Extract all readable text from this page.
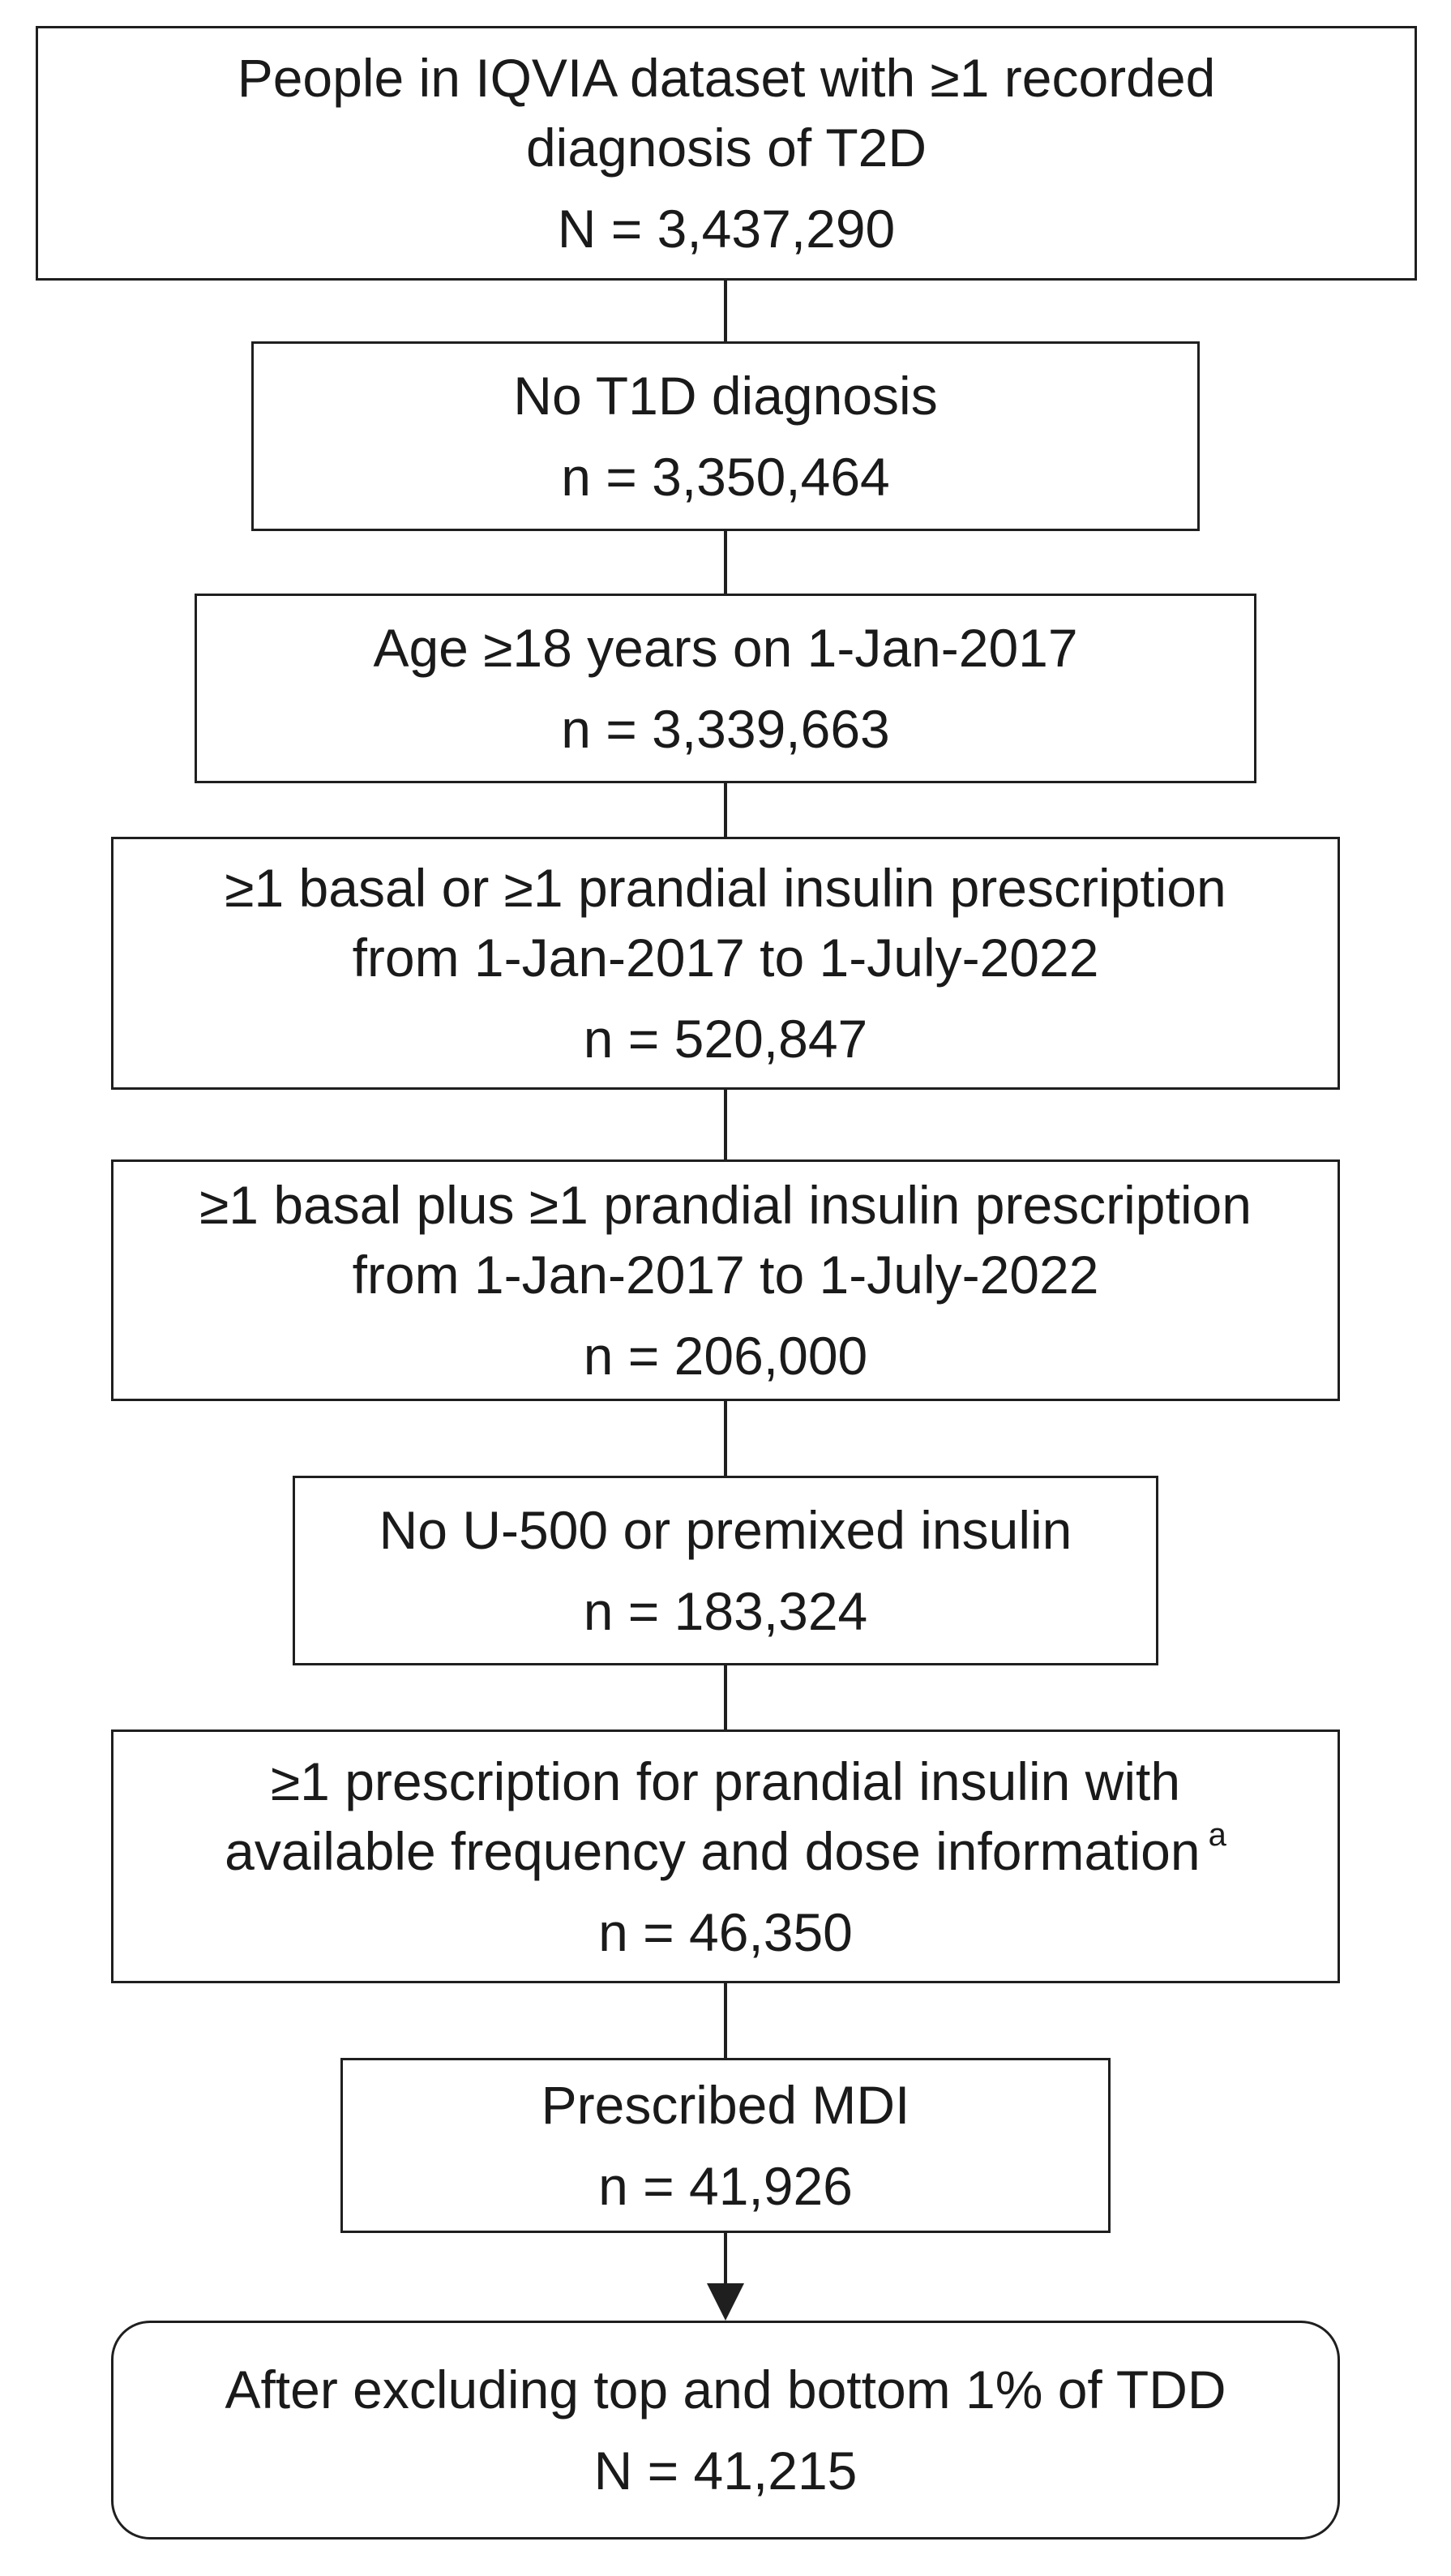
People in IQVIA dataset with ≥1 recorded
diagnosis of T2D
N = 3,437,290
No T1D diagnosis
n = 3,350,464
Age ≥18 years on 1-Jan-2017
n = 3,339,663
≥1 basal or ≥1 prandial insulin prescription
from 1-Jan-2017 to 1-July-2022
n = 520,847
≥1 basal plus ≥1 prandial insulin prescription
from 1-Jan-2017 to 1-July-2022
n = 206,000
No U-500 or premixed insulin
n = 183,324
≥1 prescription for prandial insulin with
available frequency and dose information $^a$
n = 46,350
Prescribed MDI
n = 41,926
After excluding top and bottom 1% of TDD
N = 41,215
